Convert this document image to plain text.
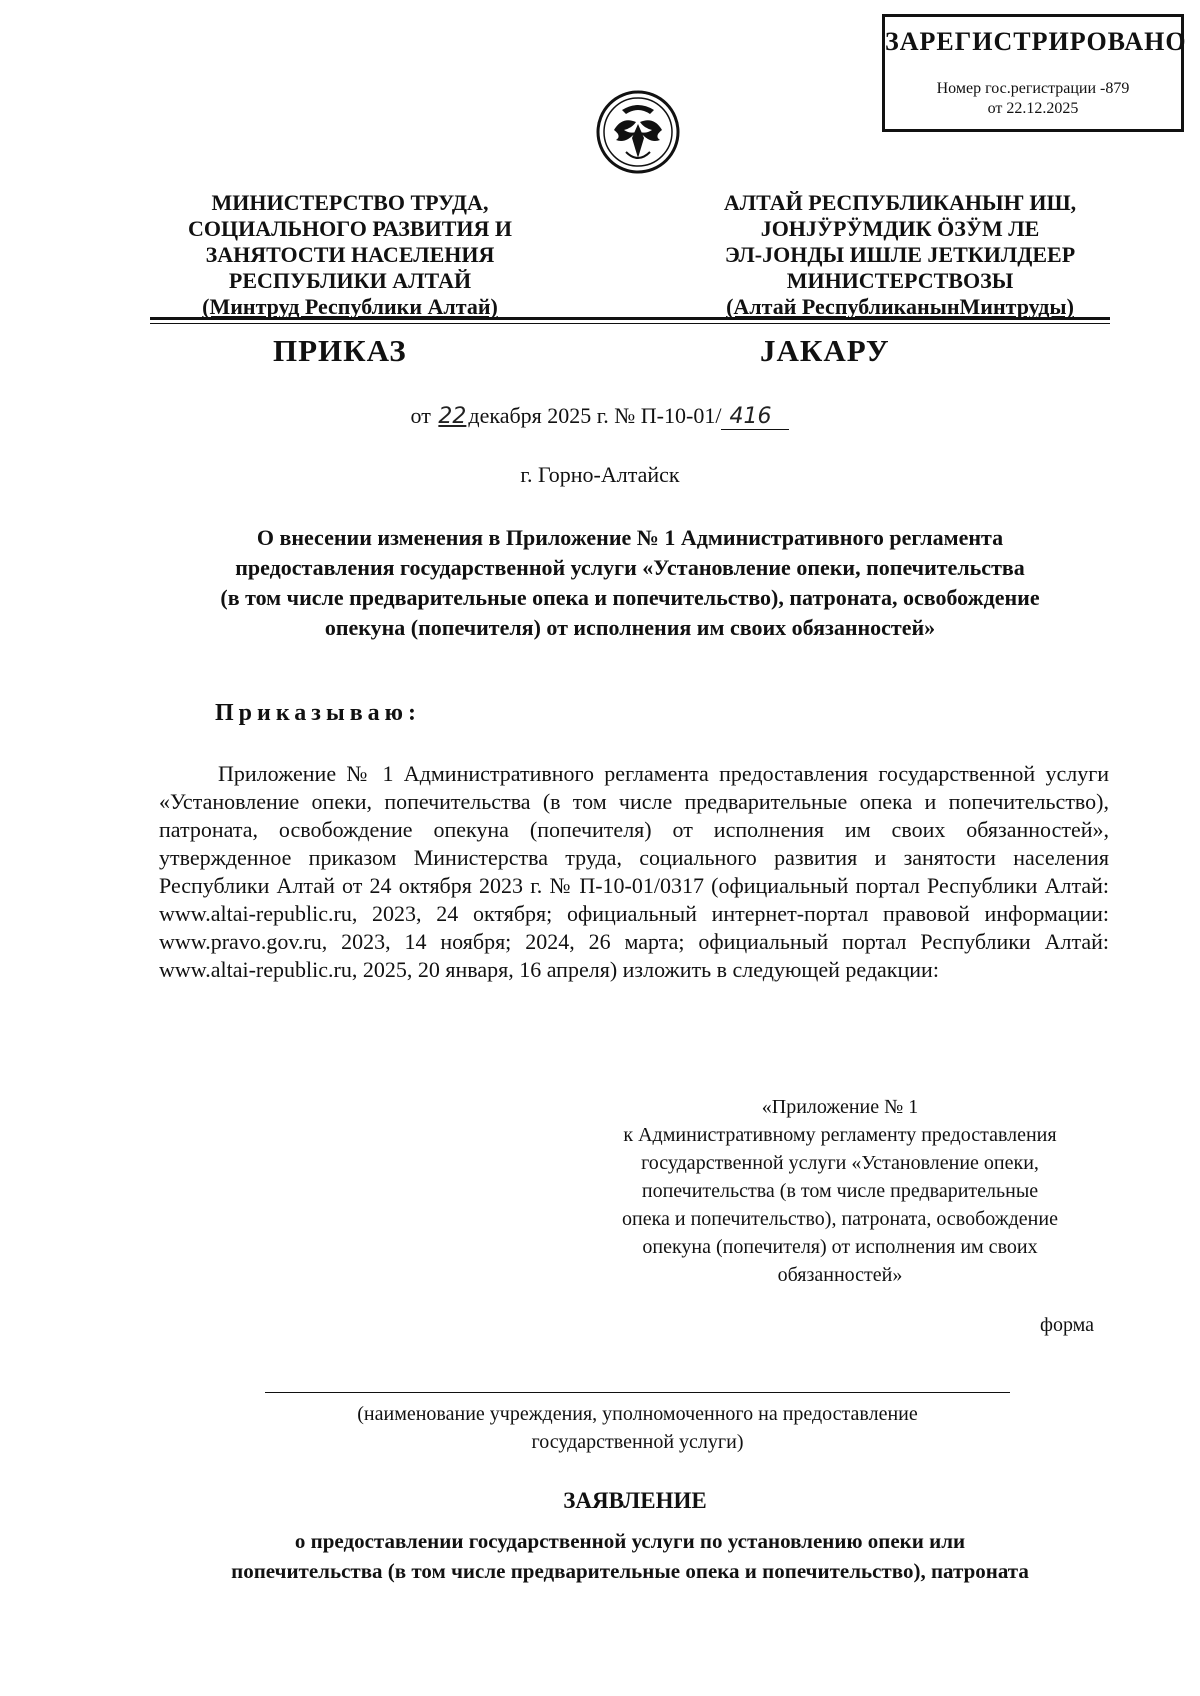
ЗАРЕГИСТРИРОВАНО
Номер гос.регистрации -879
от 22.12.2025
МИНИСТЕРСТВО ТРУДА,
СОЦИАЛЬНОГО РАЗВИТИЯ И
ЗАНЯТОСТИ НАСЕЛЕНИЯ
РЕСПУБЛИКИ АЛТАЙ
(Минтруд Республики Алтай)
АЛТАЙ РЕСПУБЛИКАНЫҤ ИШ,
ЈОНЈӰРӰМДИК ӦЗӰМ ЛЕ
ЭЛ-ЈОНДЫ ИШЛЕ ЈЕТКИЛДЕЕР
МИНИСТЕРСТВОЗЫ
(Алтай РеспубликанынМинтруды)
ПРИКАЗ	ЈАКАРУ
от 22декабря 2025 г. № П-10-01/ 416
г. Горно-Алтайск
О внесении изменения в Приложение № 1 Административного регламента
предоставления государственной услуги «Установление опеки, попечительства
(в том числе предварительные опека и попечительство), патроната, освобождение
опекуна (попечителя) от исполнения им своих обязанностей»
Приказываю:
Приложение № 1 Административного регламента предоставления государственной услуги «Установление опеки, попечительства (в том числе предварительные опека и попечительство), патроната, освобождение опекуна (попечителя) от исполнения им своих обязанностей», утвержденное приказом Министерства труда, социального развития и занятости населения Республики Алтай от 24 октября 2023 г. № П-10-01/0317 (официальный портал Республики Алтай: www.altai-republic.ru, 2023, 24 октября; официальный интернет-портал правовой информации: www.pravo.gov.ru, 2023, 14 ноября; 2024, 26 марта; официальный портал Республики Алтай: www.altai-republic.ru, 2025, 20 января, 16 апреля) изложить в следующей редакции:
«Приложение № 1
к Административному регламенту предоставления
государственной услуги «Установление опеки,
попечительства (в том числе предварительные
опека и попечительство), патроната, освобождение
опекуна (попечителя) от исполнения им своих
обязанностей»
форма
(наименование учреждения, уполномоченного на предоставление
государственной услуги)
ЗАЯВЛЕНИЕ
о предоставлении государственной услуги по установлению опеки или
попечительства (в том числе предварительные опека и попечительство), патроната
